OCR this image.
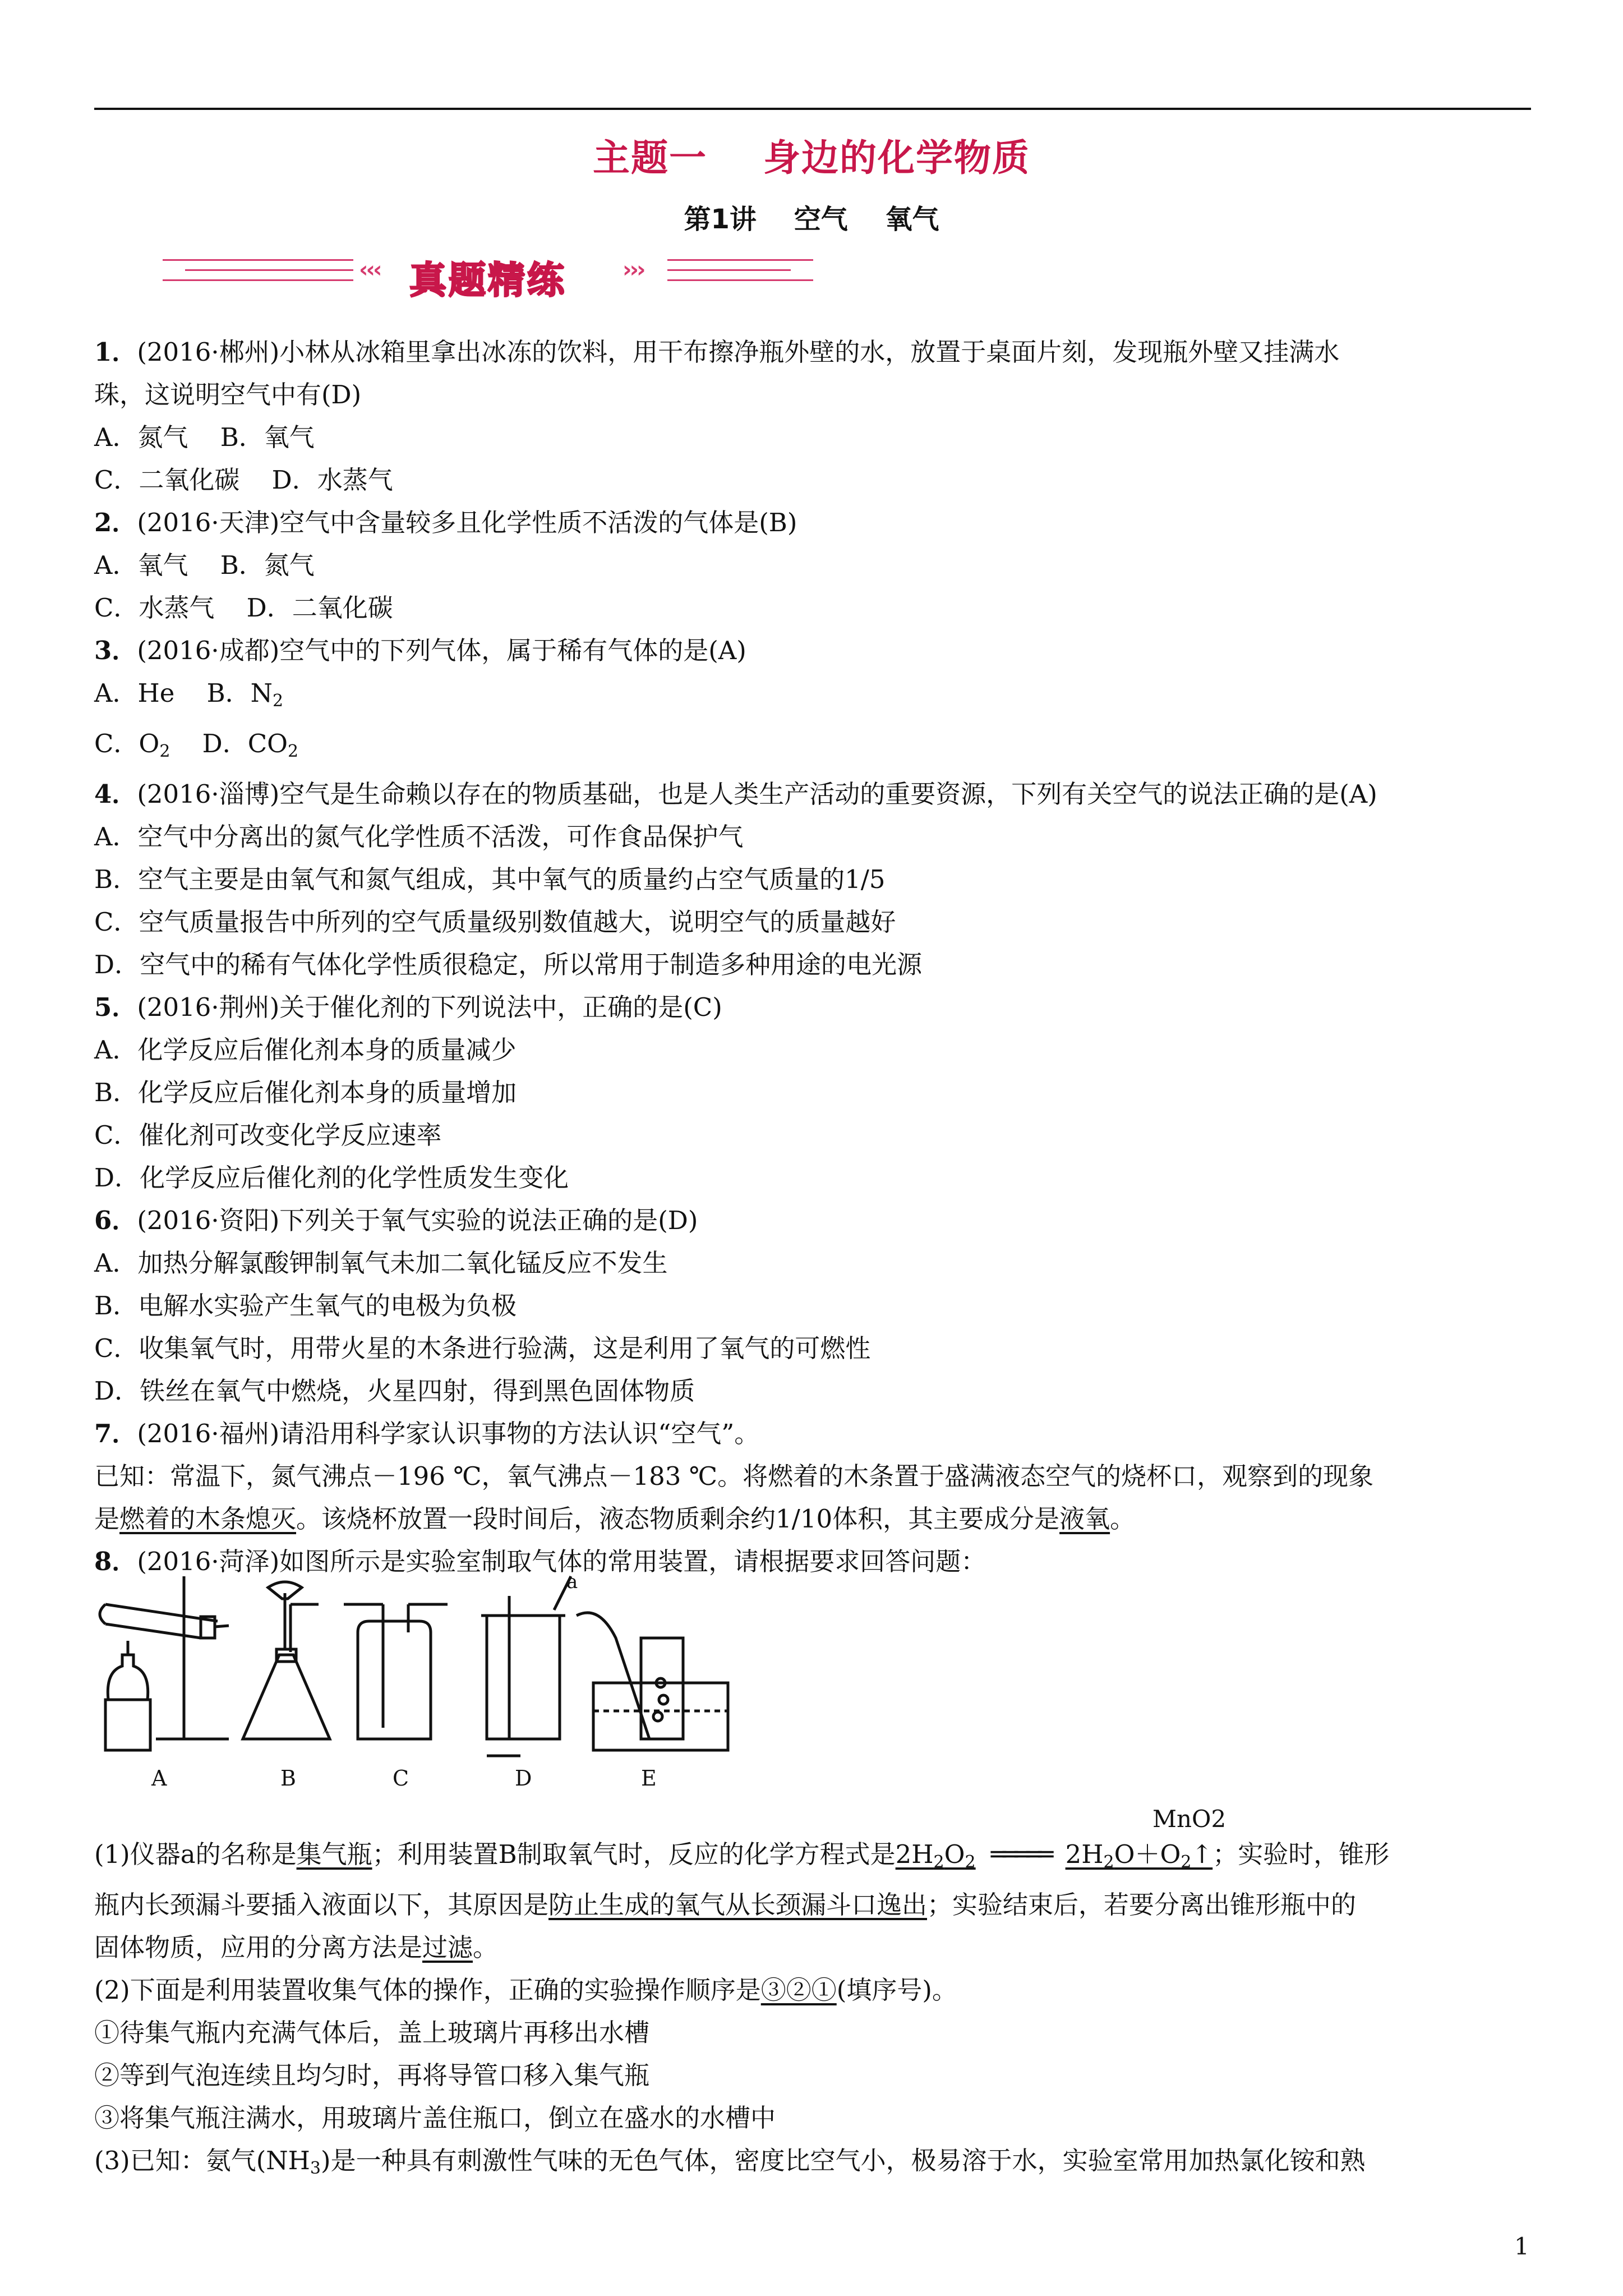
主题一    身边的化学物质
第1讲    空气    氧气
‹‹‹ 真题精练	›››

1．(2016·郴州)小林从冰箱里拿出冰冻的饮料，用干布擦净瓶外壁的水，放置于桌面片刻，发现瓶外壁又挂满水

珠，这说明空气中有(D)

A．氮气    B．氧气

C．二氧化碳    D．水蒸气

2．(2016·天津)空气中含量较多且化学性质不活泼的气体是(B)

A．氧气    B．氮气

C．水蒸气    D．二氧化碳

3．(2016·成都)空气中的下列气体，属于稀有气体的是(A)

A．He    B．$N_2$

C．$O_2$    D．$CO_2$

4．(2016·淄博)空气是生命赖以存在的物质基础，也是人类生产活动的重要资源，下列有关空气的说法正确的是(A)

A．空气中分离出的氮气化学性质不活泼，可作食品保护气

B．空气主要是由氧气和氮气组成，其中氧气的质量约占空气质量的1/5

C．空气质量报告中所列的空气质量级别数值越大，说明空气的质量越好

D．空气中的稀有气体化学性质很稳定，所以常用于制造多种用途的电光源

5．(2016·荆州)关于催化剂的下列说法中，正确的是(C)

A．化学反应后催化剂本身的质量减少

B．化学反应后催化剂本身的质量增加

C．催化剂可改变化学反应速率

D．化学反应后催化剂的化学性质发生变化

6．(2016·资阳)下列关于氧气实验的说法正确的是(D)

A．加热分解氯酸钾制氧气未加二氧化锰反应不发生

B．电解水实验产生氧气的电极为负极

C．收集氧气时，用带火星的木条进行验满，这是利用了氧气的可燃性

D．铁丝在氧气中燃烧，火星四射，得到黑色固体物质

7．(2016·福州)请沿用科学家认识事物的方法认识“空气”。

已知：常温下，氮气沸点－196 ℃，氧气沸点－183 ℃。将燃着的木条置于盛满液态空气的烧杯口，观察到的现象

是燃着的木条熄灭。该烧杯放置一段时间后，液态物质剩余约1/10体积，其主要成分是液氧。

8．(2016·菏泽)如图所示是实验室制取气体的常用装置，请根据要求回答问题：

a
A	B	C	D	E
MnO2

(1)仪器a的名称是集气瓶；利用装置B制取氧气时，反应的化学方程式是$2H_2O_2$ ═════ $2H_2O+O_2↑$；实验时，锥形

瓶内长颈漏斗要插入液面以下，其原因是防止生成的氧气从长颈漏斗口逸出；实验结束后，若要分离出锥形瓶中的

固体物质，应用的分离方法是过滤。

(2)下面是利用装置收集气体的操作，正确的实验操作顺序是③②①(填序号)。

①待集气瓶内充满气体后，盖上玻璃片再移出水槽

②等到气泡连续且均匀时，再将导管口移入集气瓶

③将集气瓶注满水，用玻璃片盖住瓶口，倒立在盛水的水槽中

(3)已知：氨气$(NH_3)$是一种具有刺激性气味的无色气体，密度比空气小，极易溶于水，实验室常用加热氯化铵和熟

1
